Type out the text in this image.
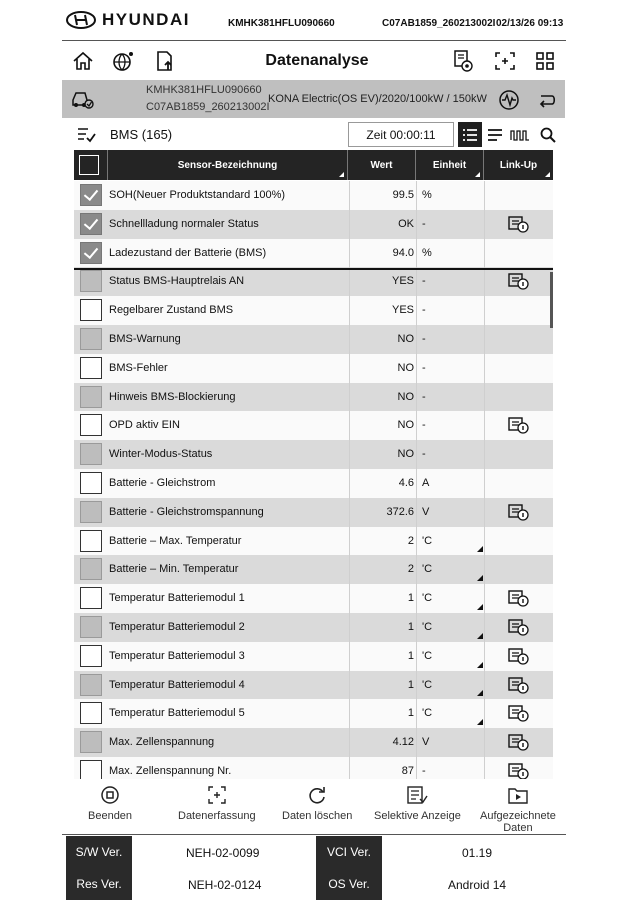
HYUNDAI	KMHK381HFLU090660	C07AB1859_260213002I 02/13/26 09:13
Datenanalyse
KMHK381HFLU090660
C07AB1859_260213002I
KONA Electric(OS EV)/2020/100kW / 150kW
BMS (165)	Zeit 00:00:11
Sensor-Bezeichnung	Wert	Einheit	Link-Up
SOH(Neuer Produktstandard 100%)	99.5 %
Schnellladung normaler Status	OK -
Ladezustand der Batterie (BMS)	94.0 %
Status BMS-Hauptrelais AN	YES -
Regelbarer Zustand BMS	YES -
BMS-Warnung	NO -
BMS-Fehler	NO -
Hinweis BMS-Blockierung	NO -
OPD aktiv EIN	NO -
Winter-Modus-Status	NO -
Batterie - Gleichstrom	4.6 A
Batterie - Gleichstromspannung	372.6 V
Batterie – Max. Temperatur	2 'C
Batterie – Min. Temperatur	2 'C
Temperatur Batteriemodul 1	1 'C
Temperatur Batteriemodul 2	1 'C
Temperatur Batteriemodul 3	1 'C
Temperatur Batteriemodul 4	1 'C
Temperatur Batteriemodul 5	1 'C
Max. Zellenspannung	4.12 V
Max. Zellenspannung Nr.	87 -
Beenden	Datenerfassung Daten löschen Selektive Anzeige Aufgezeichnete
Daten
S/W Ver.	NEH-02-0099	VCI Ver.	01.19
Res Ver.	NEH-02-0124	OS Ver.	Android 14
